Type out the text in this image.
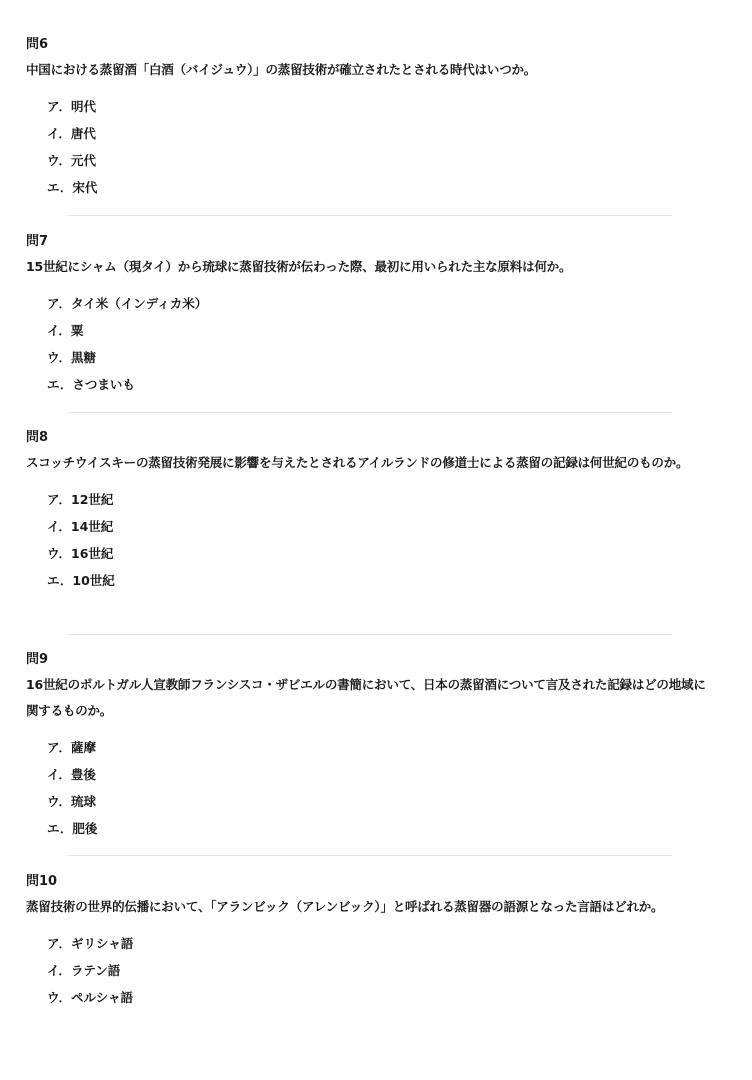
問6

中国における蒸留酒「白酒（バイジュウ）」の蒸留技術が確立されたとされる時代はいつか。

ア．明代
イ．唐代
ウ．元代
エ．宋代
問7

15世紀にシャム（現タイ）から琉球に蒸留技術が伝わった際、最初に用いられた主な原料は何か。

ア．タイ米（インディカ米）
イ．粟
ウ．黒糖
エ．さつまいも
問8

スコッチウイスキーの蒸留技術発展に影響を与えたとされるアイルランドの修道士による蒸留の記録は何世紀のものか。

ア．12世紀
イ．14世紀
ウ．16世紀
エ．10世紀
問9

16世紀のポルトガル人宣教師フランシスコ・ザビエルの書簡において、日本の蒸留酒について言及された記録はどの地域に関するものか。

ア．薩摩
イ．豊後
ウ．琉球
エ．肥後
問10

蒸留技術の世界的伝播において、「アランビック（アレンビック）」と呼ばれる蒸留器の語源となった言語はどれか。

ア．ギリシャ語
イ．ラテン語
ウ．ペルシャ語
